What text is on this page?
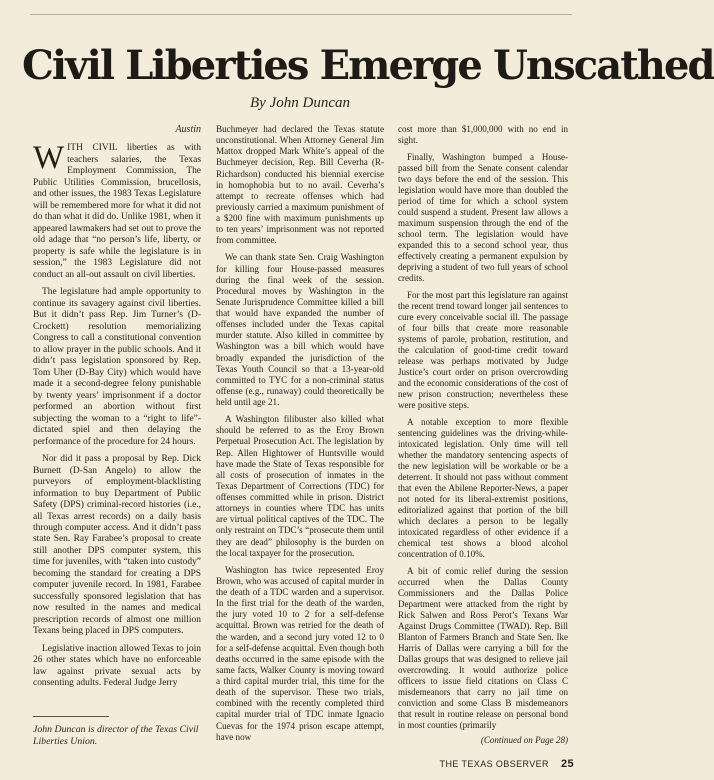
Civil Liberties Emerge Unscathed
By John Duncan
Austin

WITH CIVIL liberties as with teachers salaries, the Texas Employment Commission, The Public Utilities Commission, brucellosis, and other issues, the 1983 Texas Legislature will be remembered more for what it did not do than what it did do. Unlike 1981, when it appeared lawmakers had set out to prove the old adage that “no person’s life, liberty, or property is safe while the legislature is in session,” the 1983 Legislature did not conduct an all-out assault on civil liberties.

The legislature had ample opportunity to continue its savagery against civil liberties. But it didn’t pass Rep. Jim Turner’s (D-Crockett) resolution memorializing Congress to call a constitutional convention to allow prayer in the public schools. And it didn’t pass legislation sponsored by Rep. Tom Uher (D-Bay City) which would have made it a second-degree felony punishable by twenty years’ imprisonment if a doctor performed an abortion without first subjecting the woman to a “right to life”-dictated spiel and then delaying the performance of the procedure for 24 hours.

Nor did it pass a proposal by Rep. Dick Burnett (D-San Angelo) to allow the purveyors of employment-blacklisting information to buy Department of Public Safety (DPS) criminal-record histories (i.e., all Texas arrest records) on a daily basis through computer access. And it didn’t pass state Sen. Ray Farabee’s proposal to create still another DPS computer system, this time for juveniles, with “taken into custody” becoming the standard for creating a DPS computer juvenile record. In 1981, Farabee successfully sponsored legislation that has now resulted in the names and medical prescription records of almost one million Texans being placed in DPS computers.

Legislative inaction allowed Texas to join 26 other states which have no enforceable law against private sexual acts by consenting adults. Federal Judge Jerry

Buchmeyer had declared the Texas statute unconstitutional. When Attorney General Jim Mattox dropped Mark White’s appeal of the Buchmeyer decision, Rep. Bill Ceverha (R-Richardson) conducted his biennial exercise in homophobia but to no avail. Ceverha’s attempt to recreate offenses which had previously carried a maximum punishment of a $200 fine with maximum punishments up to ten years’ imprisonment was not reported from committee.

We can thank state Sen. Craig Washington for killing four House-passed measures during the final week of the session. Procedural moves by Washington in the Senate Jurisprudence Committee killed a bill that would have expanded the number of offenses included under the Texas capital murder statute. Also killed in committee by Washington was a bill which would have broadly expanded the jurisdiction of the Texas Youth Council so that a 13-year-old committed to TYC for a non-criminal status offense (e.g., runaway) could theoretically be held until age 21.

A Washington filibuster also killed what should be referred to as the Eroy Brown Perpetual Prosecution Act. The legislation by Rep. Allen Hightower of Huntsville would have made the State of Texas responsible for all costs of prosecution of inmates in the Texas Department of Corrections (TDC) for offenses committed while in prison. District attorneys in counties where TDC has units are virtual political captives of the TDC. The only restraint on TDC’s “prosecute them until they are dead” philosophy is the burden on the local taxpayer for the prosecution.

Washington has twice represented Eroy Brown, who was accused of capital murder in the death of a TDC warden and a supervisor. In the first trial for the death of the warden, the jury voted 10 to 2 for a self-defense acquittal. Brown was retried for the death of the warden, and a second jury voted 12 to 0 for a self-defense acquittal. Even though both deaths occurred in the same episode with the same facts, Walker County is moving toward a third capital murder trial, this time for the death of the supervisor. These two trials, combined with the recently completed third capital murder trial of TDC inmate Ignacio Cuevas for the 1974 prison escape attempt, have now

cost more than $1,000,000 with no end in sight.

Finally, Washington bumped a House-passed bill from the Senate consent calendar two days before the end of the session. This legislation would have more than doubled the period of time for which a school system could suspend a student. Present law allows a maximum suspension through the end of the school term. The legislation would have expanded this to a second school year, thus effectively creating a permanent expulsion by depriving a student of two full years of school credits.

For the most part this legislature ran against the recent trend toward longer jail sentences to cure every conceivable social ill. The passage of four bills that create more reasonable systems of parole, probation, restitution, and the calculation of good-time credit toward release was perhaps motivated by Judge Justice’s court order on prison overcrowding and the economic considerations of the cost of new prison construction; nevertheless these were positive steps.

A notable exception to more flexible sentencing guidelines was the driving-while-intoxicated legislation. Only time will tell whether the mandatory sentencing aspects of the new legislation will be workable or be a deterrent. It should not pass without comment that even the Abilene Reporter-News, a paper not noted for its liberal-extremist positions, editorialized against that portion of the bill which declares a person to be legally intoxicated regardless of other evidence if a chemical test shows a blood alcohol concentration of 0.10%.

A bit of comic relief during the session occurred when the Dallas County Commissioners and the Dallas Police Department were attacked from the right by Rick Salwen and Ross Perot’s Texans War Against Drugs Committee (TWAD). Rep. Bill Blanton of Farmers Branch and State Sen. Ike Harris of Dallas were carrying a bill for the Dallas groups that was designed to relieve jail overcrowding. It would authorize police officers to issue field citations on Class C misdemeanors that carry no jail time on conviction and some Class B misdemeanors that result in routine release on personal bond in most counties (primarily

(Continued on Page 28)
John Duncan is director of the Texas Civil Liberties Union.
THE TEXAS OBSERVER 25
